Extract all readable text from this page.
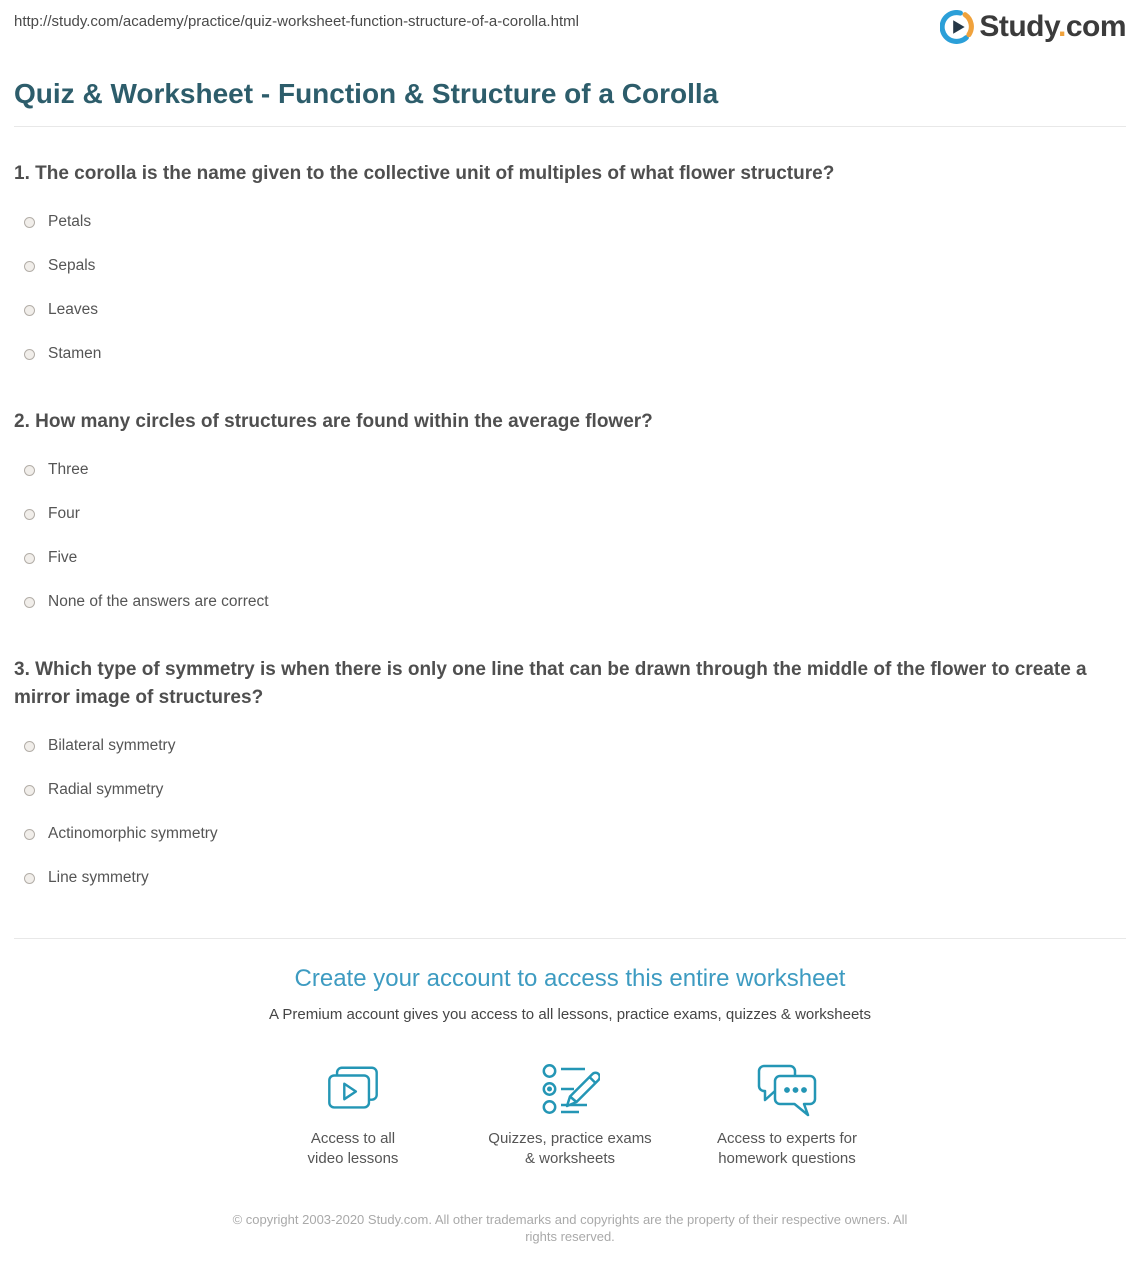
http://study.com/academy/practice/quiz-worksheet-function-structure-of-a-corolla.html	Study.com
Quiz & Worksheet - Function & Structure of a Corolla
1. The corolla is the name given to the collective unit of multiples of what flower structure?
Petals
Sepals
Leaves
Stamen
2. How many circles of structures are found within the average flower?
Three
Four
Five
None of the answers are correct
3. Which type of symmetry is when there is only one line that can be drawn through the middle of the flower to create a mirror image of structures?
Bilateral symmetry
Radial symmetry
Actinomorphic symmetry
Line symmetry
Create your account to access this entire worksheet
A Premium account gives you access to all lessons, practice exams, quizzes & worksheets
Access to all
video lessons
Quizzes, practice exams
& worksheets
Access to experts for
homework questions
© copyright 2003-2020 Study.com. All other trademarks and copyrights are the property of their respective owners. All rights reserved.
